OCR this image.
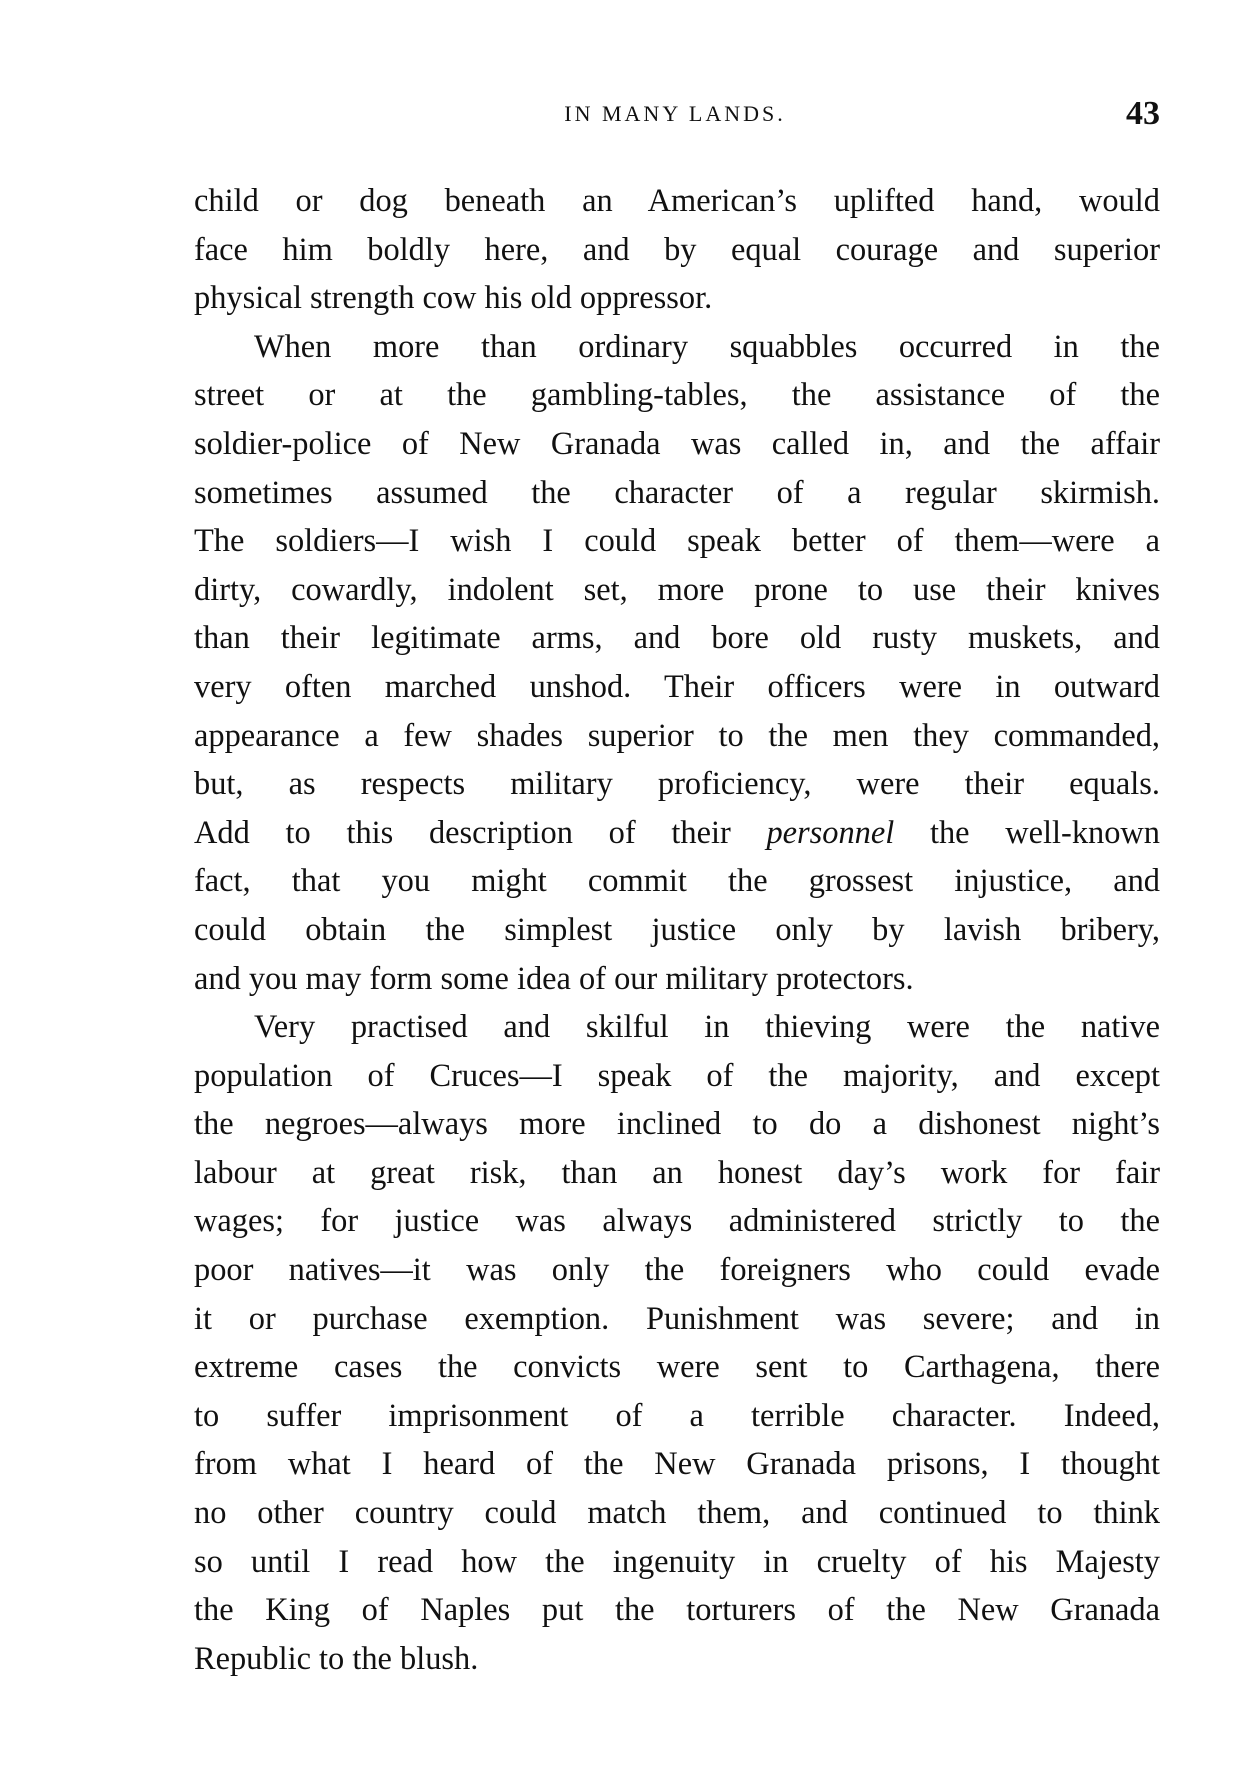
IN MANY LANDS.	43
child or dog beneath an American’s uplifted hand, would
face him boldly here, and by equal courage and superior
physical strength cow his old oppressor.
When more than ordinary squabbles occurred in the
street or at the gambling-tables, the assistance of the
soldier-police of New Granada was called in, and the affair
sometimes assumed the character of a regular skirmish.
The soldiers—I wish I could speak better of them—were a
dirty, cowardly, indolent set, more prone to use their knives
than their legitimate arms, and bore old rusty muskets, and
very often marched unshod. Their officers were in outward
appearance a few shades superior to the men they commanded,
but, as respects military proficiency, were their equals.
Add to this description of their personnel the well-known
fact, that you might commit the grossest injustice, and
could obtain the simplest justice only by lavish bribery,
and you may form some idea of our military protectors.
Very practised and skilful in thieving were the native
population of Cruces—I speak of the majority, and except
the negroes—always more inclined to do a dishonest night’s
labour at great risk, than an honest day’s work for fair
wages; for justice was always administered strictly to the
poor natives—it was only the foreigners who could evade
it or purchase exemption. Punishment was severe; and in
extreme cases the convicts were sent to Carthagena, there
to suffer imprisonment of a terrible character. Indeed,
from what I heard of the New Granada prisons, I thought
no other country could match them, and continued to think
so until I read how the ingenuity in cruelty of his Majesty
the King of Naples put the torturers of the New Granada
Republic to the blush.
